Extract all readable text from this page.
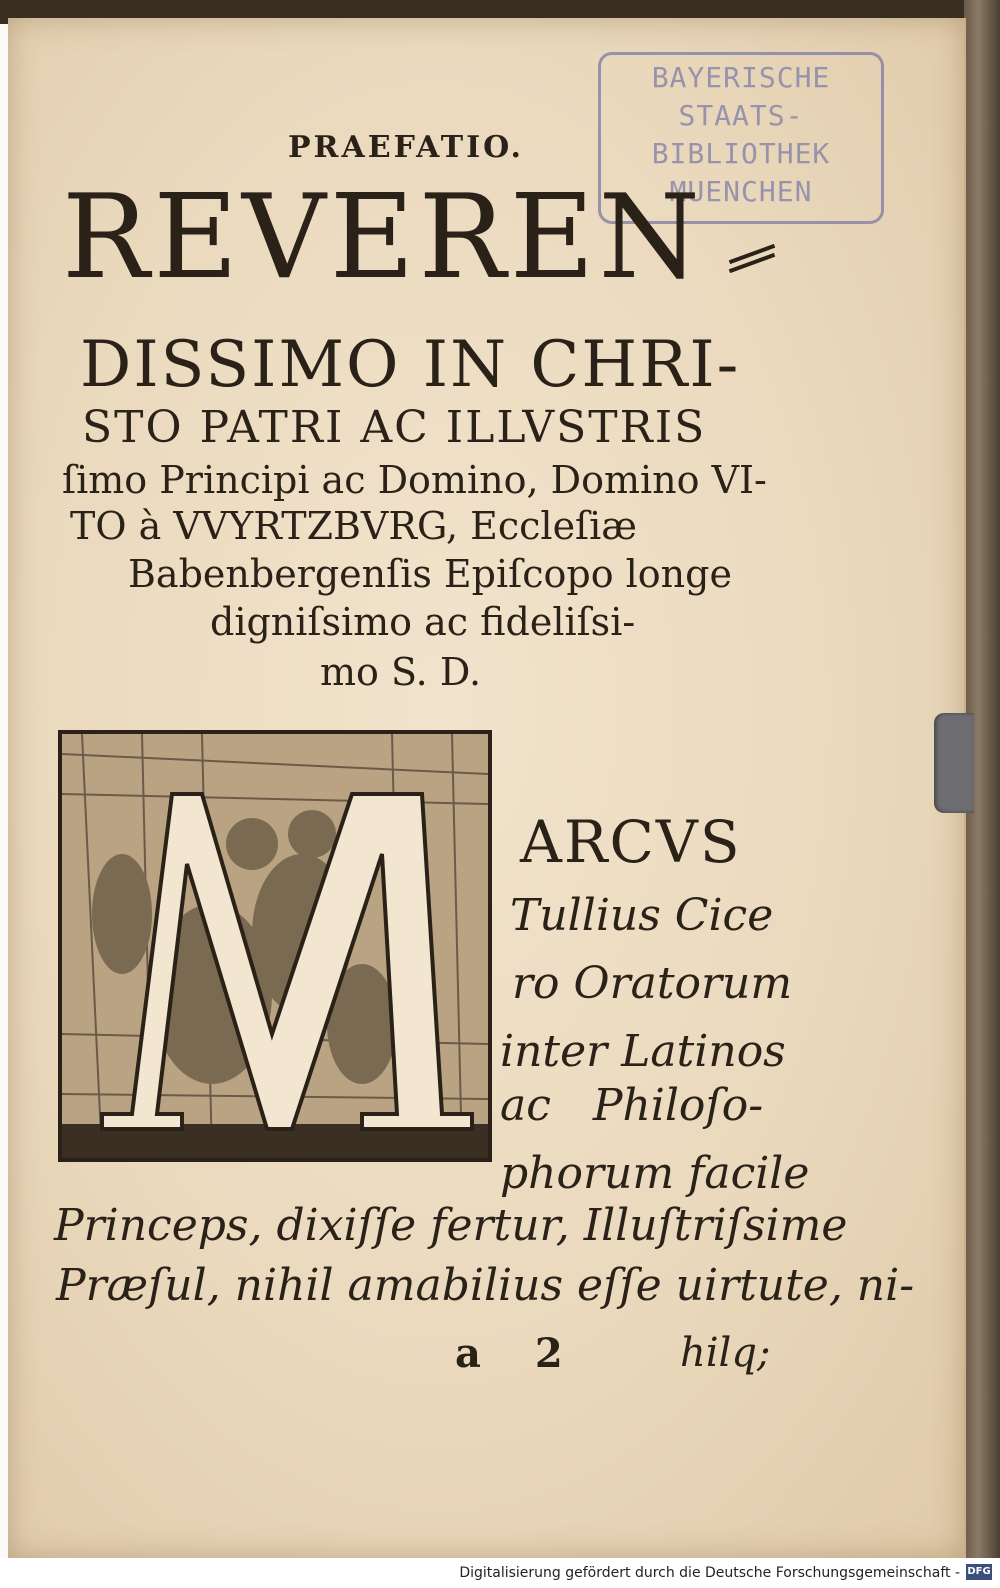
BAYERISCHE
STAATS-
BIBLIOTHEK
MUENCHEN
PRAEFATIO.
REVEREN
DISSIMO IN CHRI-
STO PATRI AC ILLVSTRIS
ſimo Principi ac Domino, Domino VI-
TO à VVYRTZBVRG, Eccleſiæ
Babenbergenſis Epiſcopo longe
digniſsimo ac fideliſsi-
mo S. D.
ARCVS
Tullius Cice
ro Oratorum
inter Latinos
ac   Philoſo-
phorum facile
Princeps, dixiſſe fertur, Illuſtriſsime
Præſul, nihil amabilius eſſe uirtute, ni-
a 2 hilq;
Digitalisierung gefördert durch die Deutsche Forschungsgemeinschaft - DFG
